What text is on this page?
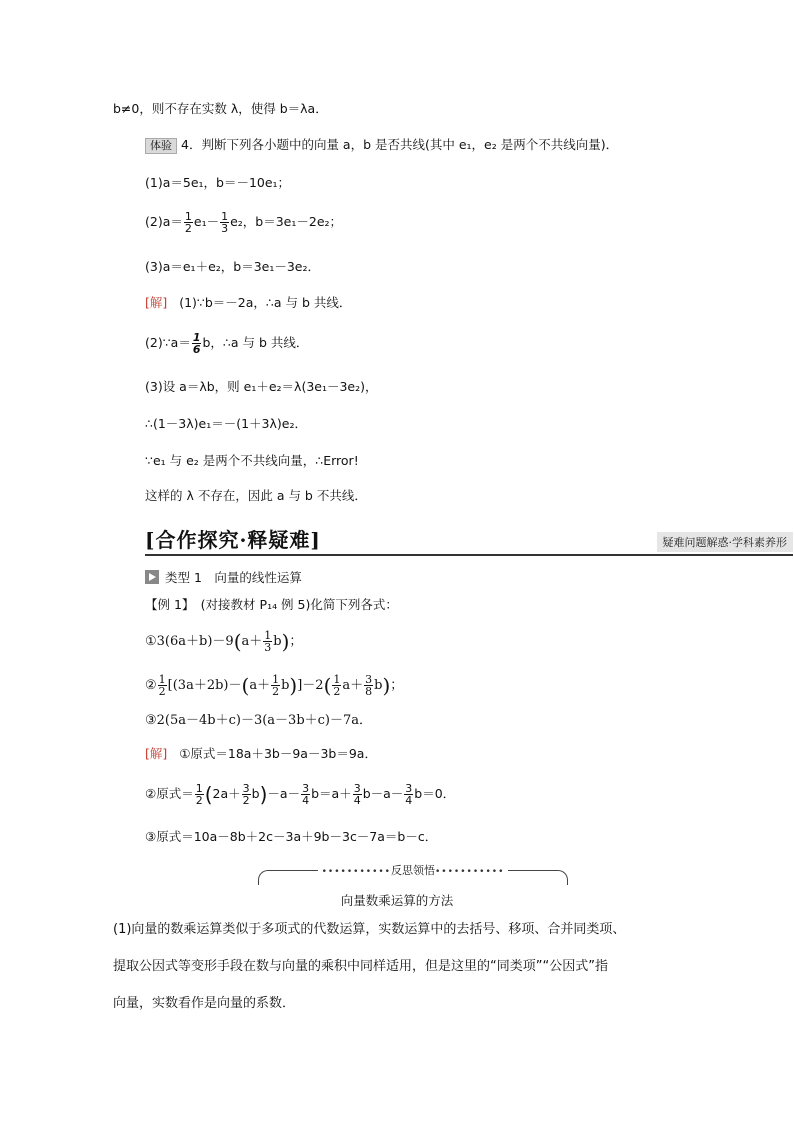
b≠0，则不存在实数 λ，使得 b＝λa．
体验 4．判断下列各小题中的向量 a，b 是否共线(其中 e₁，e₂ 是两个不共线向量)．
(1)a＝5e₁，b＝－10e₁；
$(2)a= \frac{1}{2} e_1- \frac{1}{3} e_2$，b＝3e₁－2e₂；
(3)a＝e₁＋e₂，b＝3e₁－3e₂．
[解] (1)∵b＝－2a，∴a 与 b 共线．
(2)∵a＝ $\frac{1}{6}$ b，∴a 与 b 共线．
(3)设 a＝λb，则 e₁＋e₂＝λ(3e₁－3e₂)，
∴(1－3λ)e₁＝－(1＋3λ)e₂．
∵e₁ 与 e₂ 是两个不共线向量，∴Error!
这样的 λ 不存在，因此 a 与 b 不共线．
[合作探究·释疑难]	疑难问题解惑·学科素养形
类型 1　向量的线性运算
【例 1】　(对接教材 P₁₄ 例 5)化简下列各式：
①3(6a＋b)－9(a＋ $\frac{1}{3} b$)；
② $\frac{1}{2} [(3a+2b)-(a+ \frac{1}{2} b)]-2( \frac{1}{2} a+ \frac{3}{8} b)$；
③2(5a－4b＋c)－3(a－3b＋c)－7a．
[解] ①原式＝18a＋3b－9a－3b＝9a．
②原式＝ $\frac{1}{2} (2a+ \frac{3}{2} b)-a- \frac{3}{4} b=a+ \frac{3}{4} b-a- \frac{3}{4} b=0$．
③原式＝10a－8b＋2c－3a＋9b－3c－7a＝b－c．
•••••••••••反思领悟•••••••••••
向量数乘运算的方法
(1)向量的数乘运算类似于多项式的代数运算，实数运算中的去括号、移项、合并同类项、
提取公因式等变形手段在数与向量的乘积中同样适用，但是这里的“同类项”“公因式”指
向量，实数看作是向量的系数．
